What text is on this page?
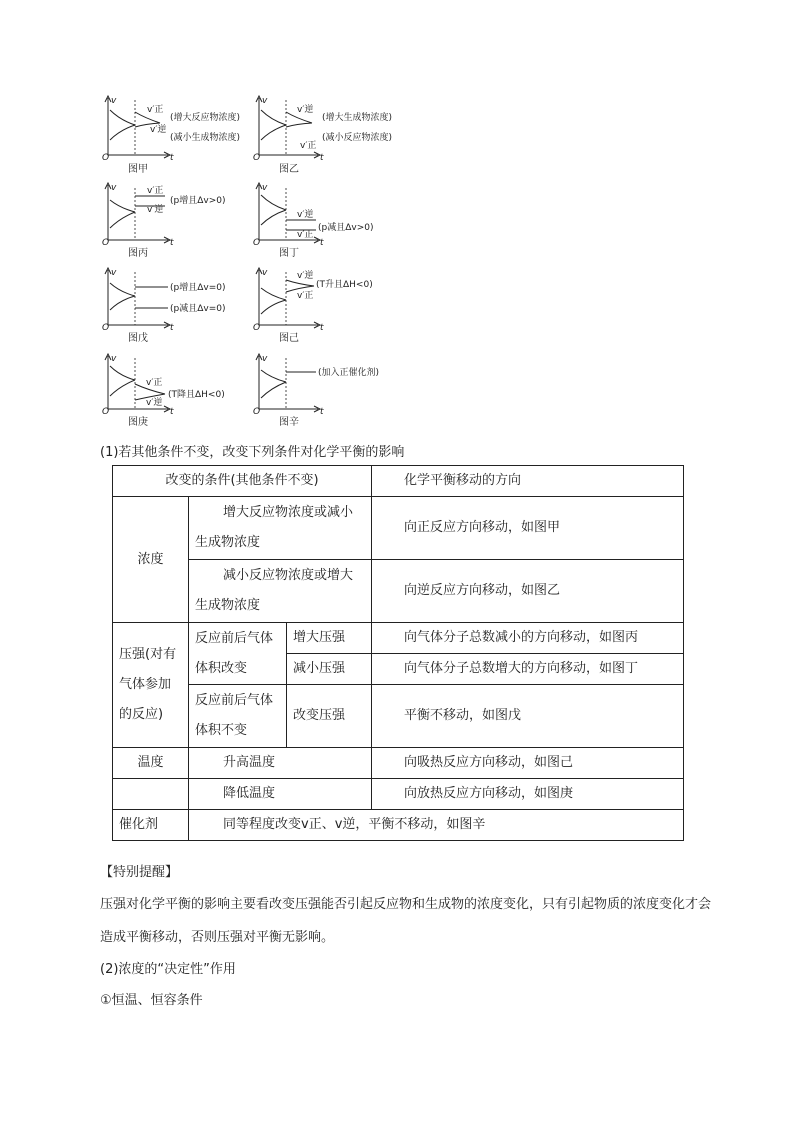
v
O	t
v′正
v′逆
(增大反应物浓度)
(减小生成物浓度)
图甲
v
O	t
v′逆
v′正
(增大生成物浓度)
(减小反应物浓度)
图乙
v
O	t
v′正
v′逆
(p增且Δv>0)
图丙
v
O	t
v′逆
v′正
(p减且Δv>0)
图丁
v
O	t
(p增且Δv=0)
(p减且Δv=0)
图戊
v
O	t
v′逆
v′正
(T升且ΔH<0)
图己
v
O	t
v′正
v′逆
(T降且ΔH<0)
图庚
v
O	t
(加入正催化剂)
图辛
(1)若其他条件不变，改变下列条件对化学平衡的影响
改变的条件(其他条件不变)			化学平衡移动的方向
浓度	增大反应物浓度或减小生成物浓度		向正反应方向移动，如图甲
	减小反应物浓度或增大生成物浓度		向逆反应方向移动，如图乙
压强(对有气体参加的反应)	反应前后气体体积改变	增大压强	向气体分子总数减小的方向移动，如图丙
		减小压强	向气体分子总数增大的方向移动，如图丁
	反应前后气体体积不变	改变压强	平衡不移动，如图戊
温度	升高温度		向吸热反应方向移动，如图己
	降低温度		向放热反应方向移动，如图庚
催化剂	同等程度改变v正、v逆，平衡不移动，如图辛		
【特别提醒】
压强对化学平衡的影响主要看改变压强能否引起反应物和生成物的浓度变化，只有引起物质的浓度变化才会造成平衡移动，否则压强对平衡无影响。
(2)浓度的“决定性”作用
①恒温、恒容条件
